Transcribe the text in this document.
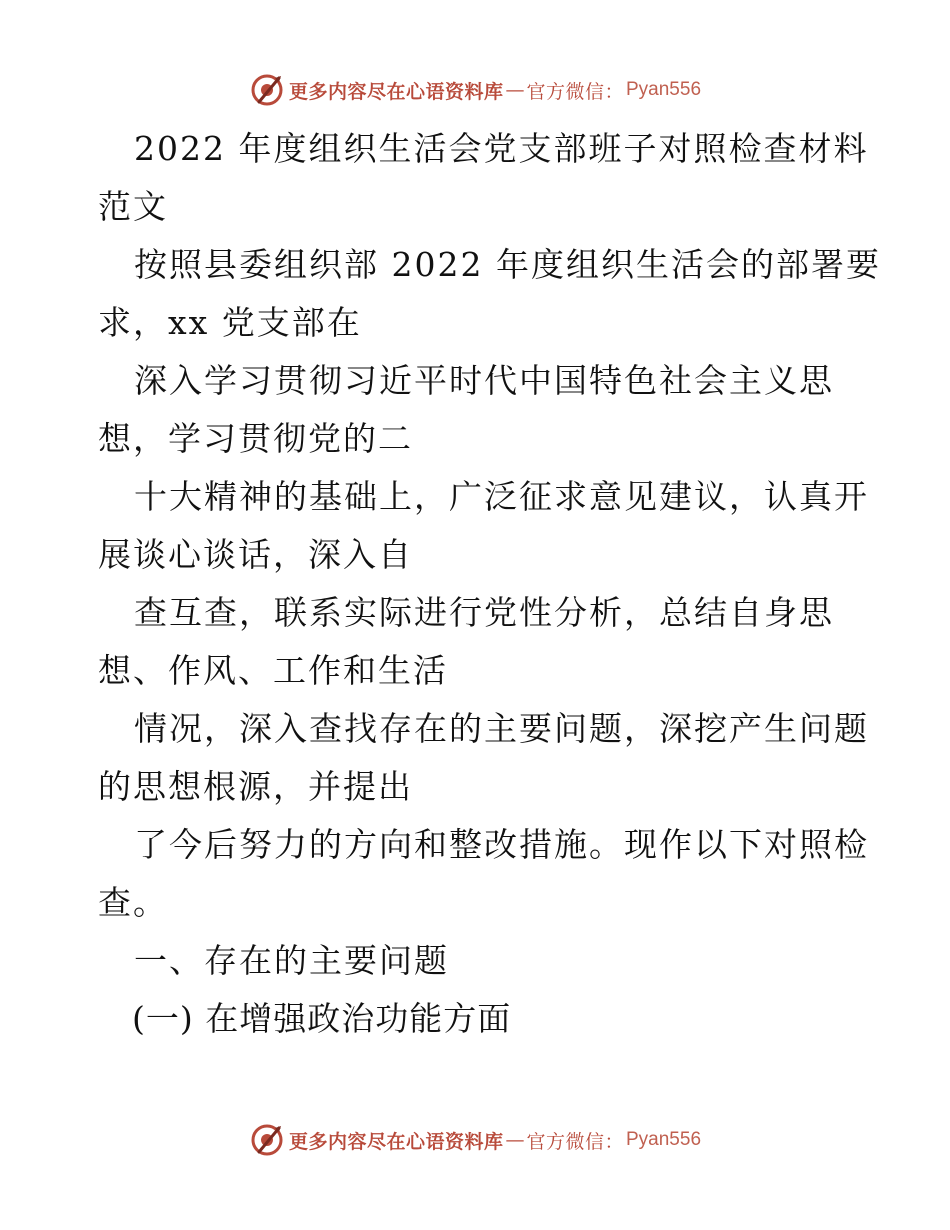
更多内容尽在心语资料库 — 官方微信： Pyan556
2022 年度组织生活会党支部班子对照检查材料
范文
按照县委组织部 2022 年度组织生活会的部署要
求，xx 党支部在
深入学习贯彻习近平时代中国特色社会主义思
想，学习贯彻党的二
十大精神的基础上，广泛征求意见建议，认真开
展谈心谈话，深入自
查互查，联系实际进行党性分析，总结自身思
想、作风、工作和生活
情况，深入查找存在的主要问题，深挖产生问题
的思想根源，并提出
了今后努力的方向和整改措施。现作以下对照检
查。
一、存在的主要问题
(一) 在增强政治功能方面
更多内容尽在心语资料库 — 官方微信： Pyan556
